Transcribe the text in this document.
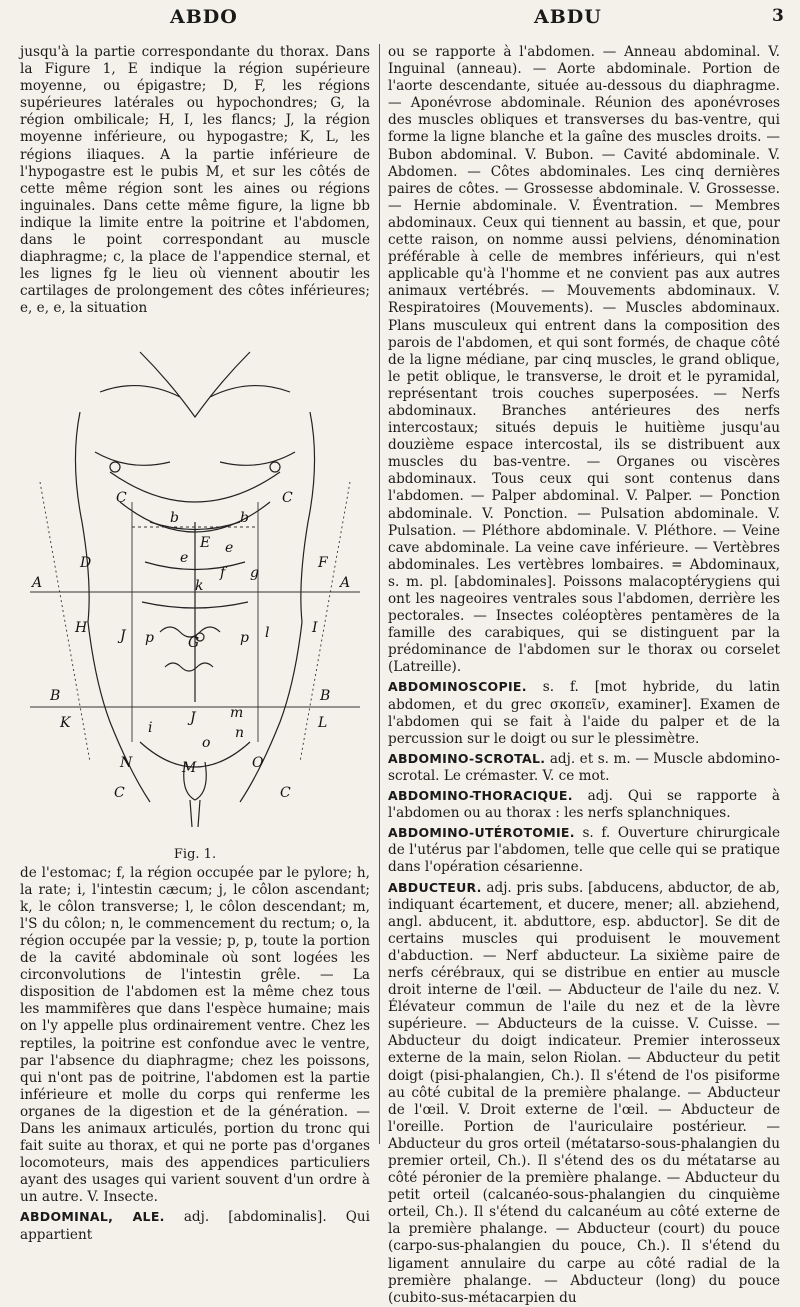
ABDO	ABDU	3

jusqu'à la partie correspondante du thorax. Dans la Figure 1, E indique la région supérieure moyenne, ou épigastre; D, F, les régions supérieures latérales ou hypochondres; G, la région ombilicale; H, I, les flancs; J, la région moyenne inférieure, ou hypogastre; K, L, les régions iliaques. A la partie inférieure de l'hypogastre est le pubis M, et sur les côtés de cette même région sont les aines ou régions inguinales. Dans cette même figure, la ligne bb indique la limite entre la poitrine et l'abdomen, dans le point correspondant au muscle diaphragme; c, la place de l'appendice sternal, et les lignes fg le lieu où viennent aboutir les cartilages de prolongement des côtes inférieures; e, e, e, la situation

C
b	b
C
E
e
e
D	F
g
f
A	k	A
H J p G	p l	I
B	B
K	J m
L
i	n
o
N	M	O
C	C
Fig. 1.

de l'estomac; f, la région occupée par le pylore; h, la rate; i, l'intestin cæcum; j, le côlon ascendant; k, le côlon transverse; l, le côlon descendant; m, l'S du côlon; n, le commencement du rectum; o, la région occupée par la vessie; p, p, toute la portion de la cavité abdominale où sont logées les circonvolutions de l'intestin grêle. — La disposition de l'abdomen est la même chez tous les mammifères que dans l'espèce humaine; mais on l'y appelle plus ordinairement ventre. Chez les reptiles, la poitrine est confondue avec le ventre, par l'absence du diaphragme; chez les poissons, qui n'ont pas de poitrine, l'abdomen est la partie inférieure et molle du corps qui renferme les organes de la digestion et de la génération. — Dans les animaux articulés, portion du tronc qui fait suite au thorax, et qui ne porte pas d'organes locomoteurs, mais des appendices particuliers ayant des usages qui varient souvent d'un ordre à un autre. V. Insecte.

ABDOMINAL, ALE. adj. [abdominalis]. Qui appartient

ou se rapporte à l'abdomen. — Anneau abdominal. V. Inguinal (anneau). — Aorte abdominale. Portion de l'aorte descendante, située au-dessous du diaphragme. — Aponévrose abdominale. Réunion des aponévroses des muscles obliques et transverses du bas-ventre, qui forme la ligne blanche et la gaîne des muscles droits. — Bubon abdominal. V. Bubon. — Cavité abdominale. V. Abdomen. — Côtes abdominales. Les cinq dernières paires de côtes. — Grossesse abdominale. V. Grossesse. — Hernie abdominale. V. Éventration. — Membres abdominaux. Ceux qui tiennent au bassin, et que, pour cette raison, on nomme aussi pelviens, dénomination préférable à celle de membres inférieurs, qui n'est applicable qu'à l'homme et ne convient pas aux autres animaux vertébrés. — Mouvements abdominaux. V. Respiratoires (Mouvements). — Muscles abdominaux. Plans musculeux qui entrent dans la composition des parois de l'abdomen, et qui sont formés, de chaque côté de la ligne médiane, par cinq muscles, le grand oblique, le petit oblique, le transverse, le droit et le pyramidal, représentant trois couches superposées. — Nerfs abdominaux. Branches antérieures des nerfs intercostaux; situés depuis le huitième jusqu'au douzième espace intercostal, ils se distribuent aux muscles du bas-ventre. — Organes ou viscères abdominaux. Tous ceux qui sont contenus dans l'abdomen. — Palper abdominal. V. Palper. — Ponction abdominale. V. Ponction. — Pulsation abdominale. V. Pulsation. — Pléthore abdominale. V. Pléthore. — Veine cave abdominale. La veine cave inférieure. — Vertèbres abdominales. Les vertèbres lombaires. = Abdominaux, s. m. pl. [abdominales]. Poissons malacoptérygiens qui ont les nageoires ventrales sous l'abdomen, derrière les pectorales. — Insectes coléoptères pentamères de la famille des carabiques, qui se distinguent par la prédominance de l'abdomen sur le thorax ou corselet (Latreille).

ABDOMINOSCOPIE. s. f. [mot hybride, du latin abdomen, et du grec σκοπεῖν, examiner]. Examen de l'abdomen qui se fait à l'aide du palper et de la percussion sur le doigt ou sur le plessimètre.

ABDOMINO-SCROTAL. adj. et s. m. — Muscle abdomino-scrotal. Le crémaster. V. ce mot.

ABDOMINO-THORACIQUE. adj. Qui se rapporte à l'abdomen ou au thorax : les nerfs splanchniques.

ABDOMINO-UTÉROTOMIE. s. f. Ouverture chirurgicale de l'utérus par l'abdomen, telle que celle qui se pratique dans l'opération césarienne.

ABDUCTEUR. adj. pris subs. [abducens, abductor, de ab, indiquant écartement, et ducere, mener; all. abziehend, angl. abducent, it. abduttore, esp. abductor]. Se dit de certains muscles qui produisent le mouvement d'abduction. — Nerf abducteur. La sixième paire de nerfs cérébraux, qui se distribue en entier au muscle droit interne de l'œil. — Abducteur de l'aile du nez. V. Élévateur commun de l'aile du nez et de la lèvre supérieure. — Abducteurs de la cuisse. V. Cuisse. — Abducteur du doigt indicateur. Premier interosseux externe de la main, selon Riolan. — Abducteur du petit doigt (pisi-phalangien, Ch.). Il s'étend de l'os pisiforme au côté cubital de la première phalange. — Abducteur de l'œil. V. Droit externe de l'œil. — Abducteur de l'oreille. Portion de l'auriculaire postérieur. — Abducteur du gros orteil (métatarso-sous-phalangien du premier orteil, Ch.). Il s'étend des os du métatarse au côté péronier de la première phalange. — Abducteur du petit orteil (calcanéo-sous-phalangien du cinquième orteil, Ch.). Il s'étend du calcanéum au côté externe de la première phalange. — Abducteur (court) du pouce (carpo-sus-phalangien du pouce, Ch.). Il s'étend du ligament annulaire du carpe au côté radial de la première phalange. — Abducteur (long) du pouce (cubito-sus-métacarpien du
